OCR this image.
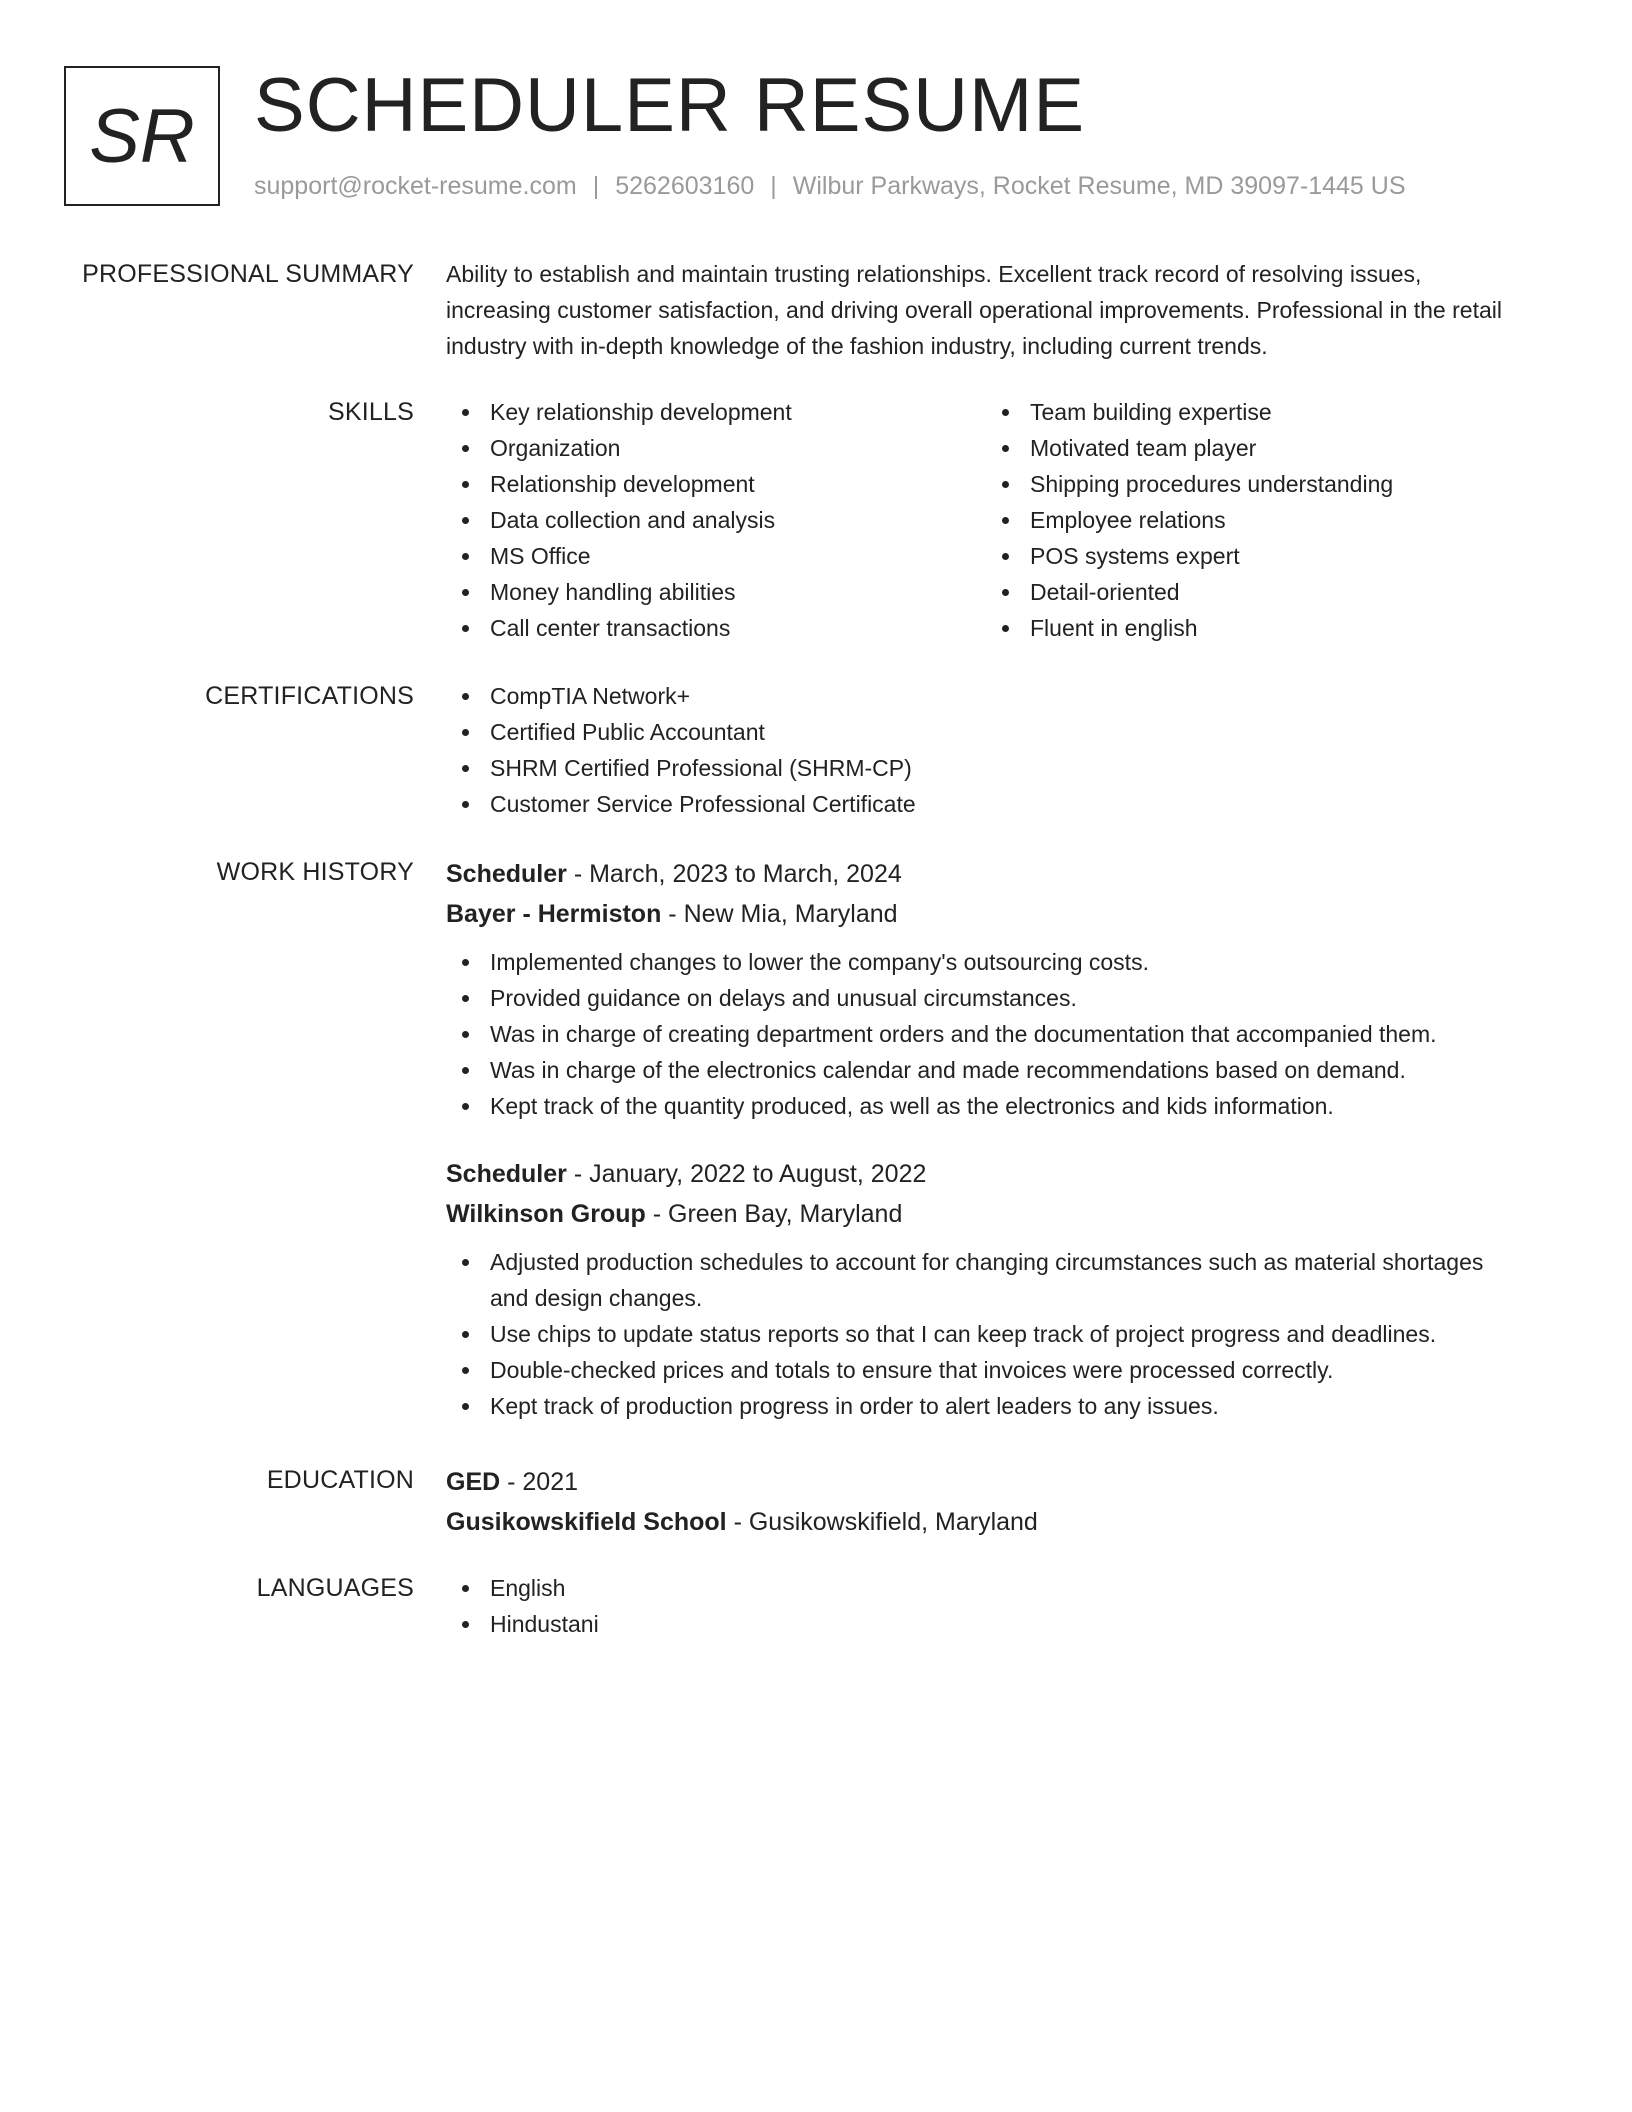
SR SCHEDULER RESUME
support@rocket-resume.com | 5262603160 | Wilbur Parkways, Rocket Resume, MD 39097-1445 US
PROFESSIONAL SUMMARY Ability to establish and maintain trusting relationships. Excellent track record of resolving issues, increasing customer satisfaction, and driving overall operational improvements. Professional in the retail industry with in-depth knowledge of the fashion industry, including current trends.

SKILLS	Key relationship development
Organization
Relationship development
Data collection and analysis
MS Office
Money handling abilities
Call center transactions
Team building expertise
Motivated team player
Shipping procedures understanding
Employee relations
POS systems expert
Detail-oriented
Fluent in english
CERTIFICATIONS	CompTIA Network+
Certified Public Accountant
SHRM Certified Professional (SHRM-CP)
Customer Service Professional Certificate
WORK HISTORY Scheduler - March, 2023 to March, 2024
Bayer - Hermiston - New Mia, Maryland
Implemented changes to lower the company's outsourcing costs.
Provided guidance on delays and unusual circumstances.
Was in charge of creating department orders and the documentation that accompanied them.
Was in charge of the electronics calendar and made recommendations based on demand.
Kept track of the quantity produced, as well as the electronics and kids information.
Scheduler - January, 2022 to August, 2022
Wilkinson Group - Green Bay, Maryland
Adjusted production schedules to account for changing circumstances such as material shortages and design changes.
Use chips to update status reports so that I can keep track of project progress and deadlines.
Double-checked prices and totals to ensure that invoices were processed correctly.
Kept track of production progress in order to alert leaders to any issues.
EDUCATION GED - 2021
Gusikowskifield School - Gusikowskifield, Maryland
LANGUAGES	English
Hindustani
